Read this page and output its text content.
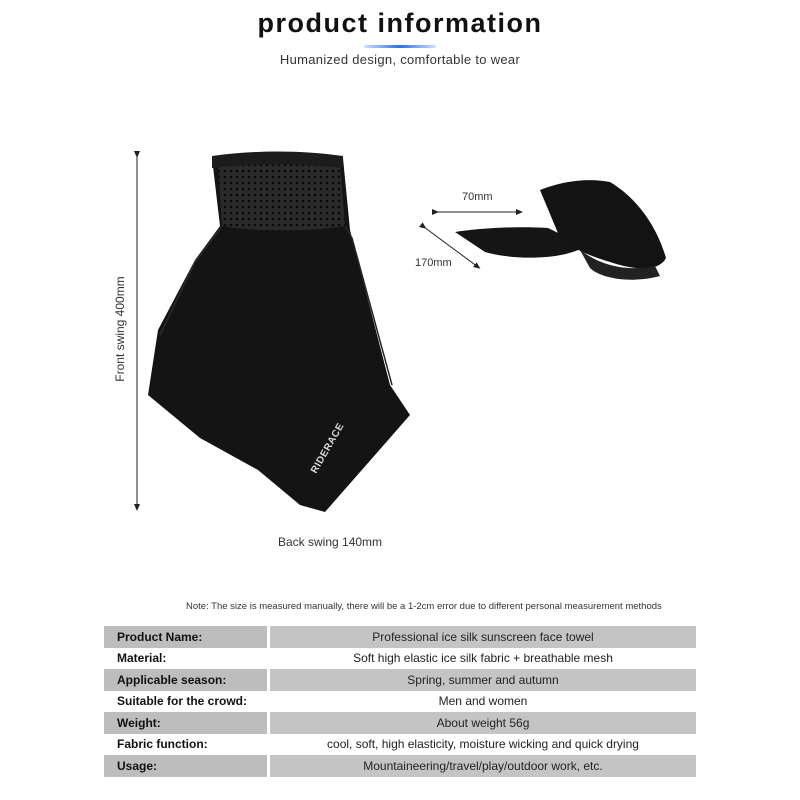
product information
Humanized design, comfortable to wear
RIDERACE
Front swing 400mm
Back swing 140mm
70mm
170mm
Note: The size is measured manually, there will be a 1-2cm error due to different personal measurement methods
Product Name:	Professional ice silk sunscreen face towel
Material:	Soft high elastic ice silk fabric + breathable mesh
Applicable season:	Spring, summer and autumn
Suitable for the crowd:	Men and women
Weight:	About weight 56g
Fabric function:	cool, soft, high elasticity, moisture wicking and quick drying
Usage:	Mountaineering/travel/play/outdoor work, etc.
